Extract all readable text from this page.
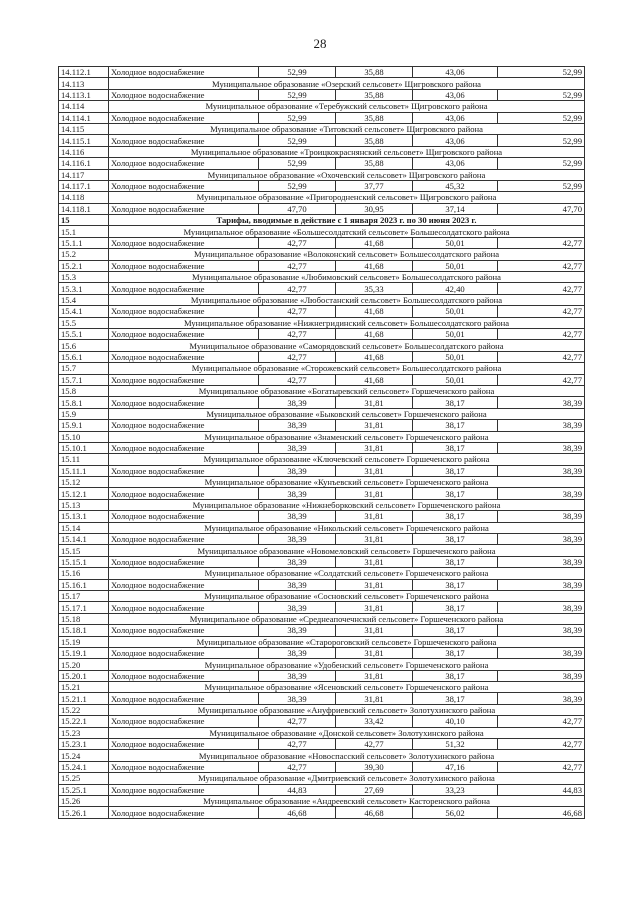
28
14.112.1	Холодное водоснабжение	52,99	35,88	43,06	52,99
14.113	Муниципальное образование «Озерский сельсовет» Щигровского района				
14.113.1	Холодное водоснабжение	52,99	35,88	43,06	52,99
14.114	Муниципальное образование «Теребужский сельсовет» Щигровского района				
14.114.1	Холодное водоснабжение	52,99	35,88	43,06	52,99
14.115	Муниципальное образование «Титовский сельсовет» Щигровского района				
14.115.1	Холодное водоснабжение	52,99	35,88	43,06	52,99
14.116	Муниципальное образование «Троицкокраснянский сельсовет» Щигровского района				
14.116.1	Холодное водоснабжение	52,99	35,88	43,06	52,99
14.117	Муниципальное образование «Охочевский сельсовет» Щигровского района				
14.117.1	Холодное водоснабжение	52,99	37,77	45,32	52,99
14.118	Муниципальное образование «Пригородненский сельсовет» Щигровского района				
14.118.1	Холодное водоснабжение	47,70	30,95	37,14	47,70
15	Тарифы, вводимые в действие с 1 января 2023 г. по 30 июня 2023 г.				
15.1	Муниципальное образование «Большесолдатский сельсовет» Большесолдатского района				
15.1.1	Холодное водоснабжение	42,77	41,68	50,01	42,77
15.2	Муниципальное образование «Волоконский сельсовет» Большесолдатского района				
15.2.1	Холодное водоснабжение	42,77	41,68	50,01	42,77
15.3	Муниципальное образование «Любимовский сельсовет» Большесолдатского района				
15.3.1	Холодное водоснабжение	42,77	35,33	42,40	42,77
15.4	Муниципальное образование «Любостанский сельсовет» Большесолдатского района				
15.4.1	Холодное водоснабжение	42,77	41,68	50,01	42,77
15.5	Муниципальное образование «Нижнегридинский сельсовет» Большесолдатского района				
15.5.1	Холодное водоснабжение	42,77	41,68	50,01	42,77
15.6	Муниципальное образование «Саморядовский сельсовет» Большесолдатского района				
15.6.1	Холодное водоснабжение	42,77	41,68	50,01	42,77
15.7	Муниципальное образование «Сторожевский сельсовет» Большесолдатского района				
15.7.1	Холодное водоснабжение	42,77	41,68	50,01	42,77
15.8	Муниципальное образование «Богатыревский сельсовет» Горшеченского района				
15.8.1	Холодное водоснабжение	38,39	31,81	38,17	38,39
15.9	Муниципальное образование «Быковский сельсовет» Горшеченского района				
15.9.1	Холодное водоснабжение	38,39	31,81	38,17	38,39
15.10	Муниципальное образование «Знаменский сельсовет» Горшеченского района				
15.10.1	Холодное водоснабжение	38,39	31,81	38,17	38,39
15.11	Муниципальное образование «Ключевский сельсовет» Горшеченского района				
15.11.1	Холодное водоснабжение	38,39	31,81	38,17	38,39
15.12	Муниципальное образование «Кунъевский сельсовет» Горшеченского района				
15.12.1	Холодное водоснабжение	38,39	31,81	38,17	38,39
15.13	Муниципальное образование «Нижнеборковский сельсовет» Горшеченского района				
15.13.1	Холодное водоснабжение	38,39	31,81	38,17	38,39
15.14	Муниципальное образование «Никольский сельсовет» Горшеченского района				
15.14.1	Холодное водоснабжение	38,39	31,81	38,17	38,39
15.15	Муниципальное образование «Новомеловский сельсовет» Горшеченского района				
15.15.1	Холодное водоснабжение	38,39	31,81	38,17	38,39
15.16	Муниципальное образование «Солдатский сельсовет» Горшеченского района				
15.16.1	Холодное водоснабжение	38,39	31,81	38,17	38,39
15.17	Муниципальное образование «Сосновский сельсовет» Горшеченского района				
15.17.1	Холодное водоснабжение	38,39	31,81	38,17	38,39
15.18	Муниципальное образование «Среднеапочечнский сельсовет» Горшеченского района				
15.18.1	Холодное водоснабжение	38,39	31,81	38,17	38,39
15.19	Муниципальное образование «Старороговский сельсовет» Горшеченского района				
15.19.1	Холодное водоснабжение	38,39	31,81	38,17	38,39
15.20	Муниципальное образование «Удобенский сельсовет» Горшеченского района				
15.20.1	Холодное водоснабжение	38,39	31,81	38,17	38,39
15.21	Муниципальное образование «Ясеновский сельсовет» Горшеченского района				
15.21.1	Холодное водоснабжение	38,39	31,81	38,17	38,39
15.22	Муниципальное образование «Ануфриевский сельсовет» Золотухинского района				
15.22.1	Холодное водоснабжение	42,77	33,42	40,10	42,77
15.23	Муниципальное образование «Донской сельсовет» Золотухинского района				
15.23.1	Холодное водоснабжение	42,77	42,77	51,32	42,77
15.24	Муниципальное образование «Новоспасский сельсовет» Золотухинского района				
15.24.1	Холодное водоснабжение	42,77	39,30	47,16	42,77
15.25	Муниципальное образование «Дмитриевский сельсовет» Золотухинского района				
15.25.1	Холодное водоснабжение	44,83	27,69	33,23	44,83
15.26	Муниципальное образование «Андреевский сельсовет» Касторенского района				
15.26.1	Холодное водоснабжение	46,68	46,68	56,02	46,68
